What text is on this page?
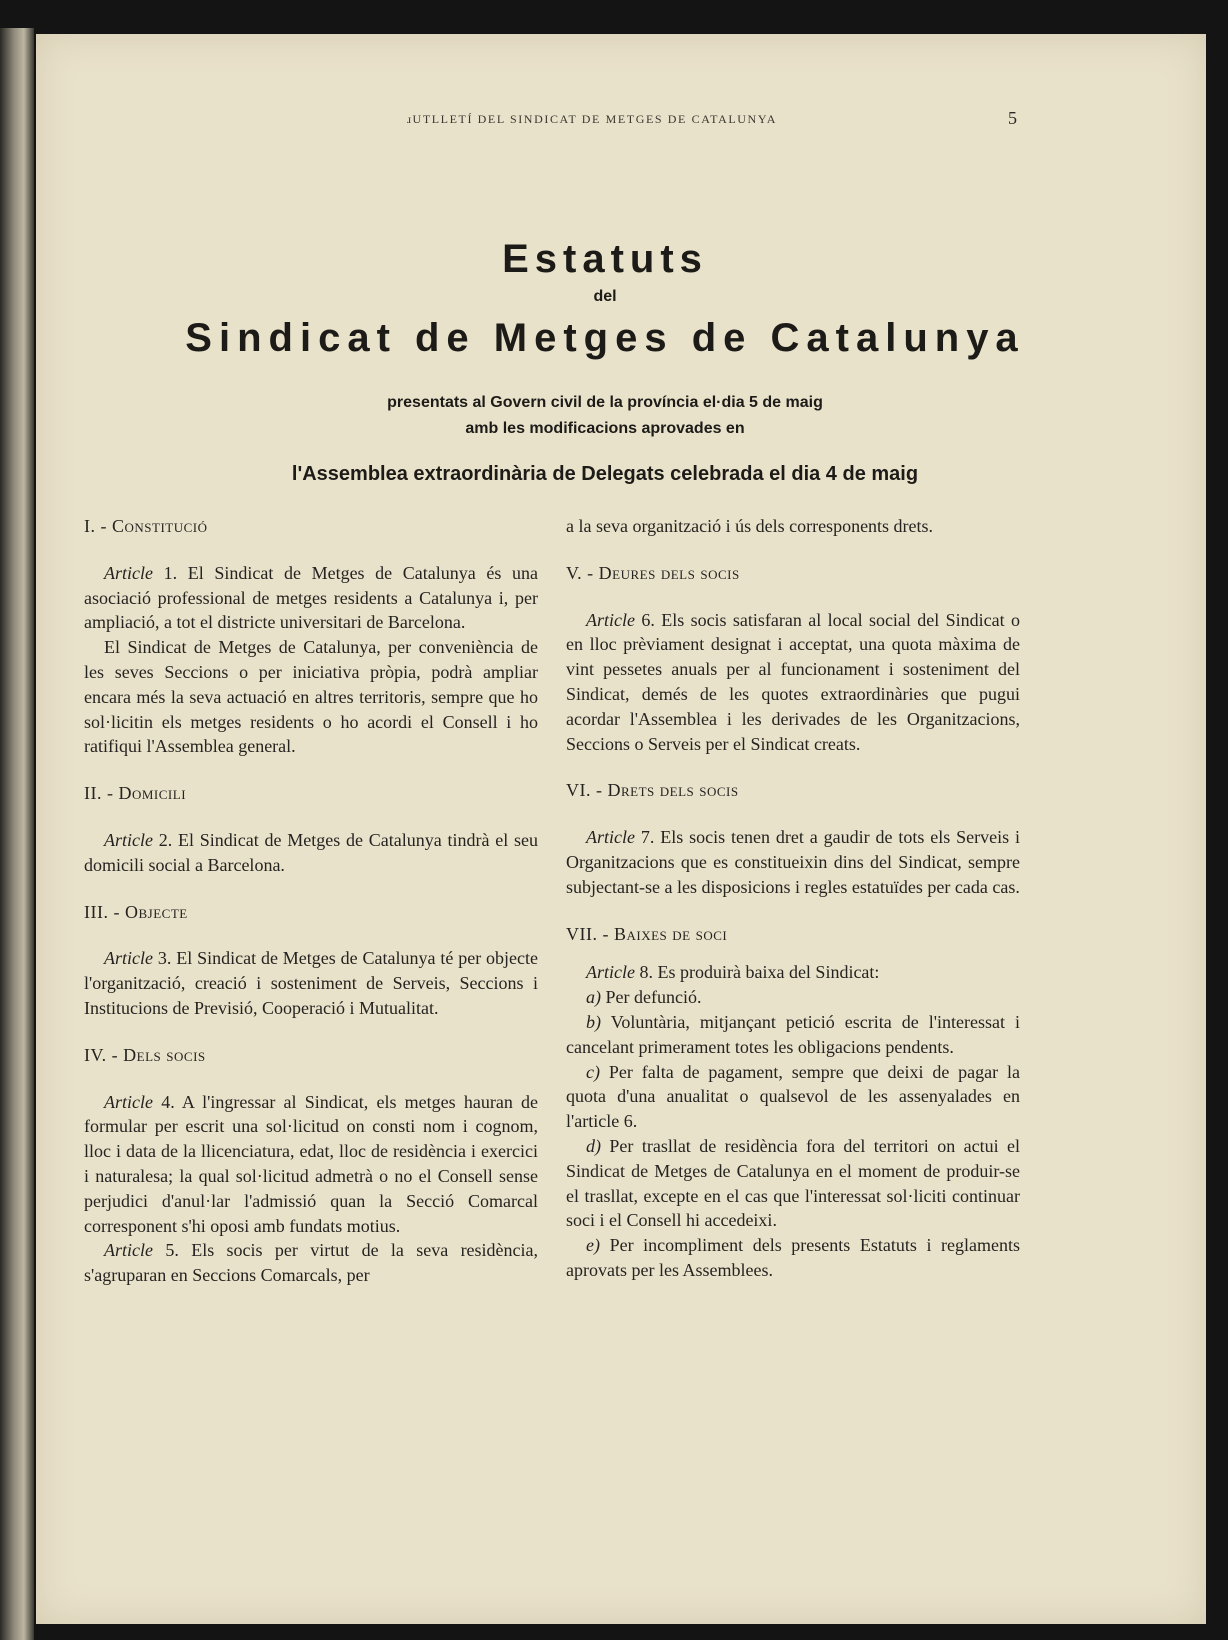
ɹUTLLETÍ DEL SINDICAT DE METGES DE CATALUNYA	5
Estatuts
del
Sindicat de Metges de Catalunya
presentats al Govern civil de la província el·dia 5 de maig
amb les modificacions aprovades en
l'Assemblea extraordinària de Delegats celebrada el dia 4 de maig

I. - Constitució

Article 1. El Sindicat de Metges de Catalunya és una asociació professional de metges residents a Catalunya i, per ampliació, a tot el districte universitari de Barcelona.

El Sindicat de Metges de Catalunya, per conveniència de les seves Seccions o per iniciativa pròpia, podrà ampliar encara més la seva actuació en altres territoris, sempre que ho sol·licitin els metges residents o ho acordi el Consell i ho ratifiqui l'Assemblea general.

II. - Domicili

Article 2. El Sindicat de Metges de Catalunya tindrà el seu domicili social a Barcelona.

III. - Objecte

Article 3. El Sindicat de Metges de Catalunya té per objecte l'organització, creació i sosteniment de Serveis, Seccions i Institucions de Previsió, Cooperació i Mutualitat.

IV. - Dels socis

Article 4. A l'ingressar al Sindicat, els metges hauran de formular per escrit una sol·licitud on consti nom i cognom, lloc i data de la llicenciatura, edat, lloc de residència i exercici i naturalesa; la qual sol·licitud admetrà o no el Consell sense perjudici d'anul·lar l'admissió quan la Secció Comarcal corresponent s'hi oposi amb fundats motius.

Article 5. Els socis per virtut de la seva residència, s'agruparan en Seccions Comarcals, per

a la seva organització i ús dels corresponents drets.

V. - Deures dels socis

Article 6. Els socis satisfaran al local social del Sindicat o en lloc prèviament designat i acceptat, una quota màxima de vint pessetes anuals per al funcionament i sosteniment del Sindicat, demés de les quotes extraordinàries que pugui acordar l'Assemblea i les derivades de les Organitzacions, Seccions o Serveis per el Sindicat creats.

VI. - Drets dels socis

Article 7. Els socis tenen dret a gaudir de tots els Serveis i Organitzacions que es constitueixin dins del Sindicat, sempre subjectant-se a les disposicions i regles estatuïdes per cada cas.

VII. - Baixes de soci

Article 8. Es produirà baixa del Sindicat:

a) Per defunció.

b) Voluntària, mitjançant petició escrita de l'interessat i cancelant primerament totes les obligacions pendents.

c) Per falta de pagament, sempre que deixi de pagar la quota d'una anualitat o qualsevol de les assenyalades en l'article 6.

d) Per trasllat de residència fora del territori on actui el Sindicat de Metges de Catalunya en el moment de produir-se el trasllat, excepte en el cas que l'interessat sol·liciti continuar soci i el Consell hi accedeixi.

e) Per incompliment dels presents Estatuts i reglaments aprovats per les Assemblees.
